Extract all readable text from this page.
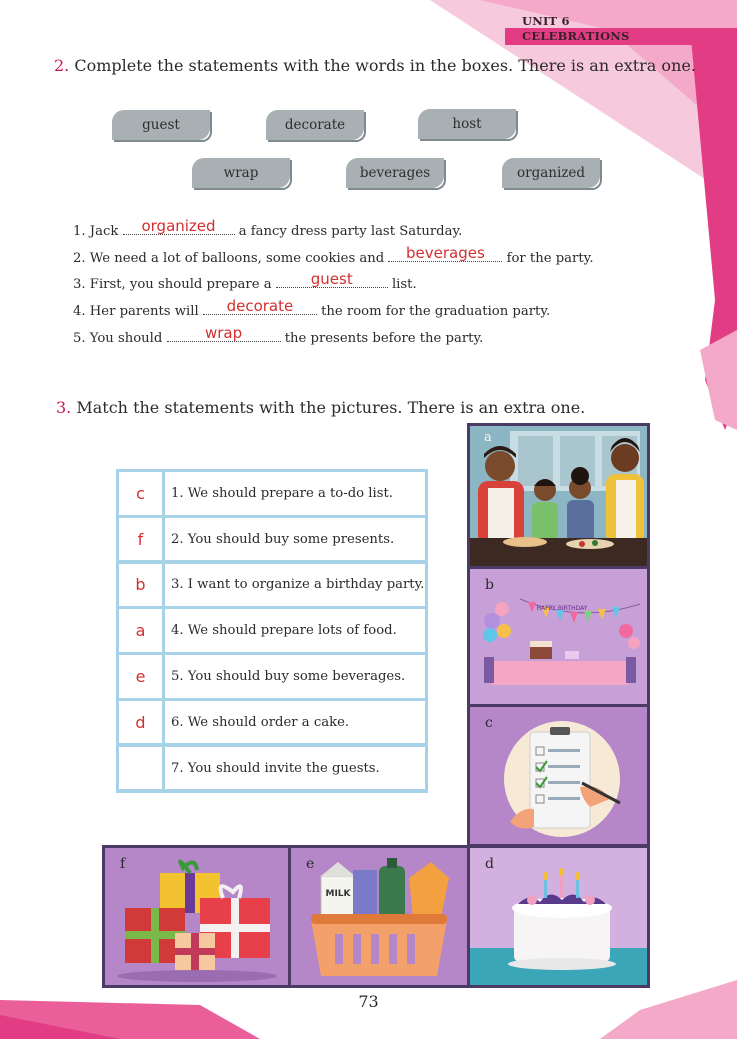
UNIT 6
CELEBRATIONS
2. Complete the statements with the words in the boxes. There is an extra one.
guest	decorate	host
wrap	beverages	organized
1. Jack	organized	a fancy dress party last Saturday.
2. We need a lot of balloons, some cookies and	beverages	for the party.
3. First, you should prepare a	guest	list.
4. Her parents will	decorate	the room for the graduation party.
5. You should	wrap	the presents before the party.
3. Match the statements with the pictures. There is an extra one.
c	1. We should prepare a to-do list.
f	2. You should buy some presents.
b	3. I want to organize a birthday party.
a	4. We should prepare lots of food.
e	5. You should buy some beverages.
d	6. We should order a cake.
7. You should invite the guests.
a
HAPPY BIRTHDAY
b
c
f
MILK
e	d
73
